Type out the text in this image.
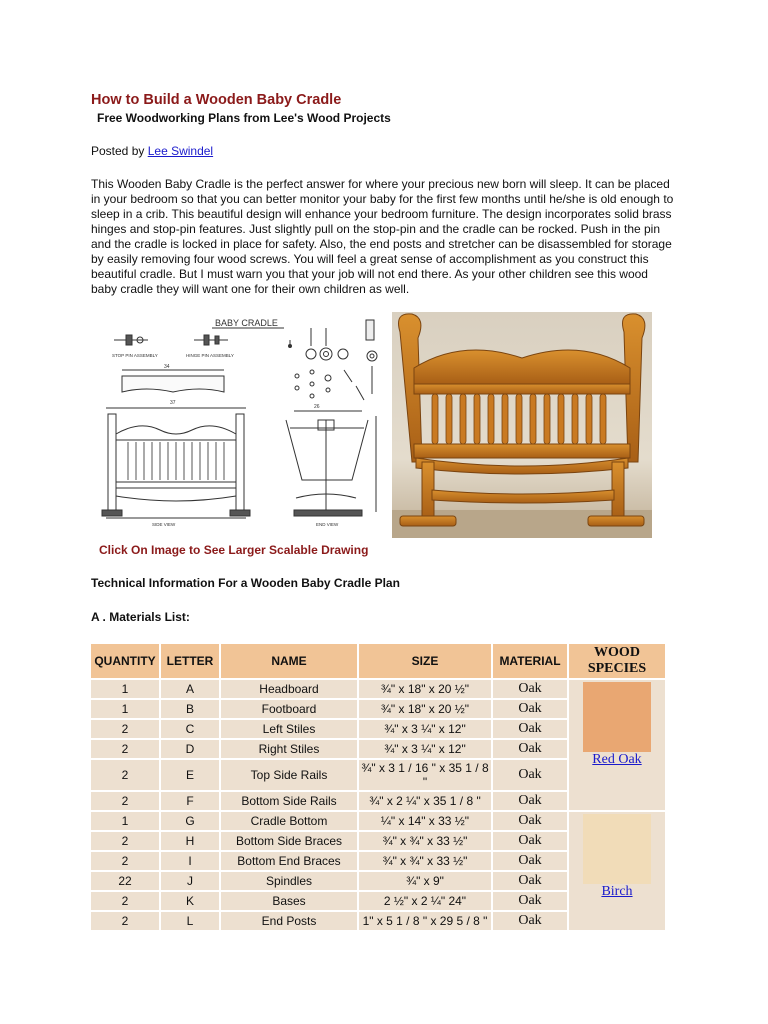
How to Build a Wooden Baby Cradle
Free Woodworking Plans from Lee's Wood Projects
Posted by Lee Swindel
This Wooden Baby Cradle is the perfect answer for where your precious new born will sleep. It can be placed in your bedroom so that you can better monitor your baby for the first few months until he/she is old enough to sleep in a crib. This beautiful design will enhance your bedroom furniture. The design incorporates solid brass hinges and stop-pin features. Just slightly pull on the stop-pin and the cradle can be rocked. Push in the pin and the cradle is locked in place for safety. Also, the end posts and stretcher can be disassembled for storage by easily removing four wood screws. You will feel a great sense of accomplishment as you construct this beautiful cradle. But I must warn you that your job will not end there. As your other children see this wood baby cradle they will want one for their own children as well.
BABY CRADLE
STOP PIN ASSEMBLY	HINGE PIN ASSEMBLY
34
37
SIDE VIEW
26
END VIEW
Click On Image to See Larger Scalable Drawing
Technical Information For a Wooden Baby Cradle Plan
A . Materials List:
QUANTITY	LETTER	NAME	SIZE	MATERIAL	WOOD SPECIES
1	A	Headboard	¾" x 18" x 20 ½"	Oak	Red Oak

1	B	Footboard	¾" x 18" x 20 ½"	Oak	
2	C	Left Stiles	¾" x 3 ¼" x 12"	Oak	
2	D	Right Stiles	¾" x 3 ¼" x 12"	Oak	
2	E	Top Side Rails	¾" x 3 1 / 16 " x 35 1 / 8 "	Oak	
2	F	Bottom Side Rails	¾" x 2 ¼" x 35 1 / 8 "	Oak	
1	G	Cradle Bottom	¼" x 14" x 33 ½"	Oak	Birch

2	H	Bottom Side Braces	¾" x ¾" x 33 ½"	Oak	
2	I	Bottom End Braces	¾" x ¾" x 33 ½"	Oak	
22	J	Spindles	¾" x 9"	Oak	
2	K	Bases	2 ½" x 2 ¼" 24"	Oak	
2	L	End Posts	1" x 5 1 / 8 " x 29 5 / 8 "	Oak	
